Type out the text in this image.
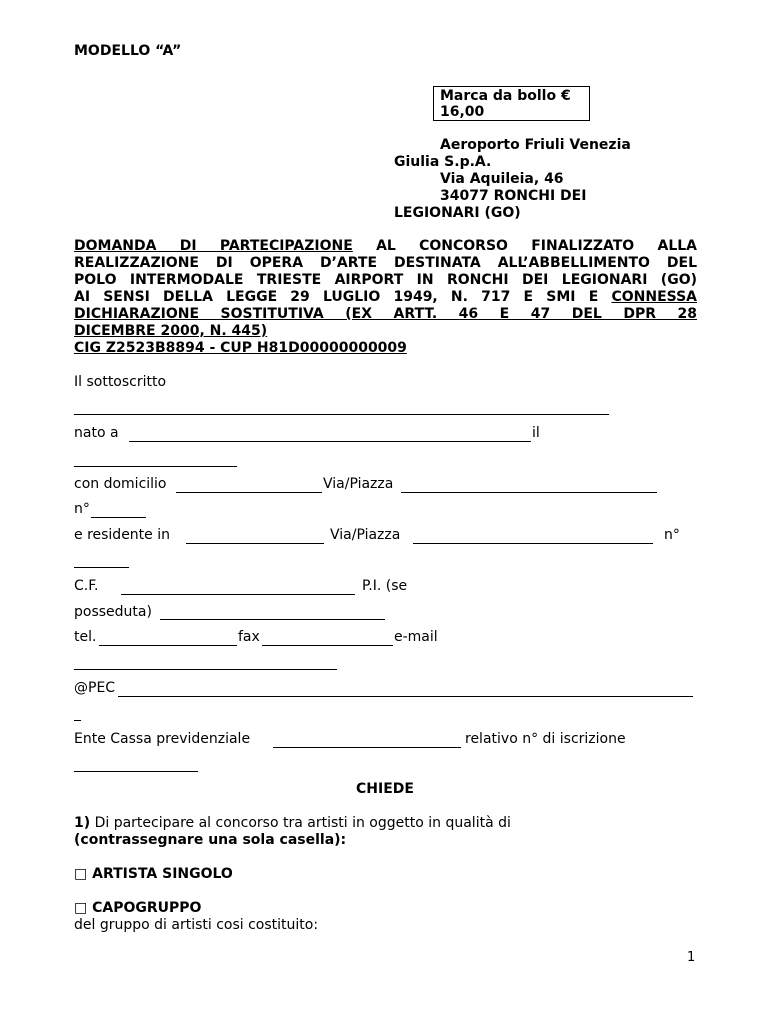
MODELLO “A”
Marca da bollo €
16,00
Aeroporto Friuli Venezia
Giulia S.p.A.
Via Aquileia, 46
34077 RONCHI DEI
LEGIONARI (GO)
DOMANDA DI PARTECIPAZIONE AL CONCORSO FINALIZZATO ALLA
REALIZZAZIONE DI OPERA D’ARTE DESTINATA ALL’ABBELLIMENTO DEL
POLO INTERMODALE TRIESTE AIRPORT IN RONCHI DEI LEGIONARI (GO)
AI SENSI DELLA LEGGE 29 LUGLIO 1949, N. 717 E SMI E CONNESSA
DICHIARAZIONE SOSTITUTIVA (EX ARTT. 46 E 47 DEL DPR 28
DICEMBRE 2000, N. 445)
CIG Z2523B8894 - CUP H81D00000000009
Il sottoscritto
nato a	il
con domicilio	Via/Piazza
n°
e residente in	Via/Piazza	n°
C.F.	P.I. (se
posseduta)
tel.	fax	e-mail
@PEC
Ente Cassa previdenziale	relativo n° di iscrizione
CHIEDE
1) Di partecipare al concorso tra artisti in oggetto in qualità di
(contrassegnare una sola casella):
□ ARTISTA SINGOLO
□ CAPOGRUPPO
del gruppo di artisti cosi costituito:
1
